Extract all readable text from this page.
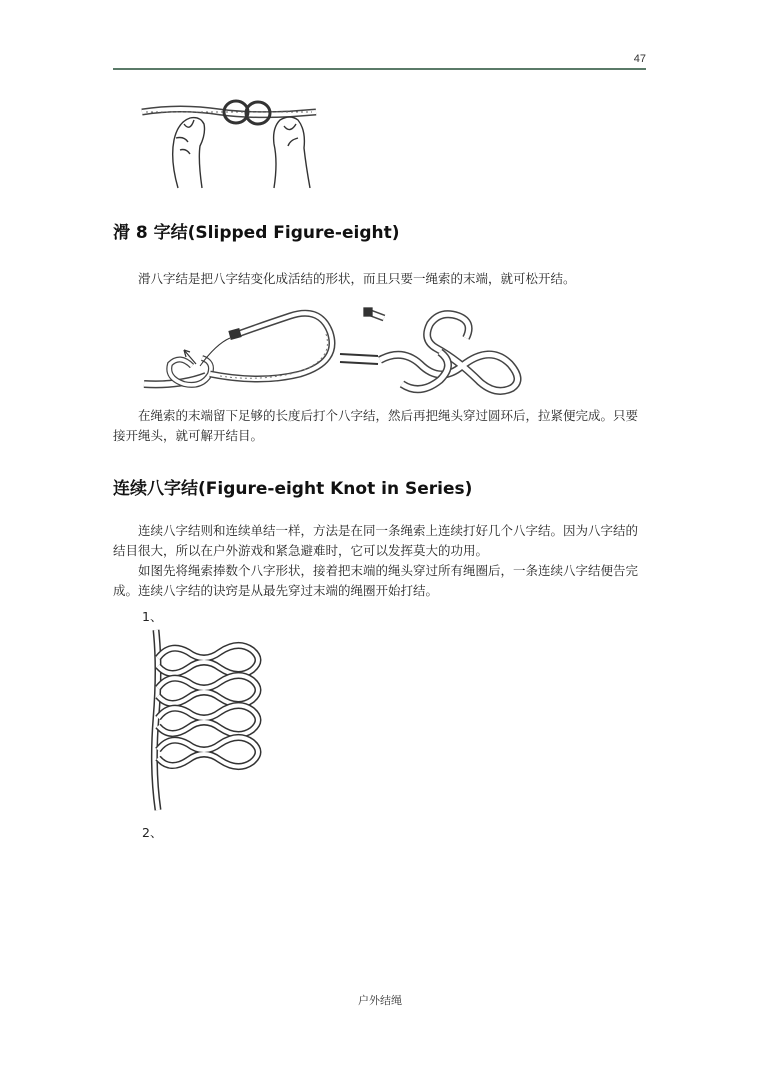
47
滑 8 字结(Slipped Figure-eight)

滑八字结是把八字结变化成活结的形状，而且只要一绳索的末端，就可松开结。

在绳索的末端留下足够的长度后打个八字结，然后再把绳头穿过圆环后，拉紧便完成。只要接开绳头，就可解开结目。

连续八字结(Figure-eight Knot in Series)

连续八字结则和连续单结一样，方法是在同一条绳索上连续打好几个八字结。因为八字结的结目很大，所以在户外游戏和紧急避难时，它可以发挥莫大的功用。

如图先将绳索捧数个八字形状，接着把末端的绳头穿过所有绳圈后，一条连续八字结便告完成。连续八字结的诀窍是从最先穿过末端的绳圈开始打结。

1、

2、

户外结绳
